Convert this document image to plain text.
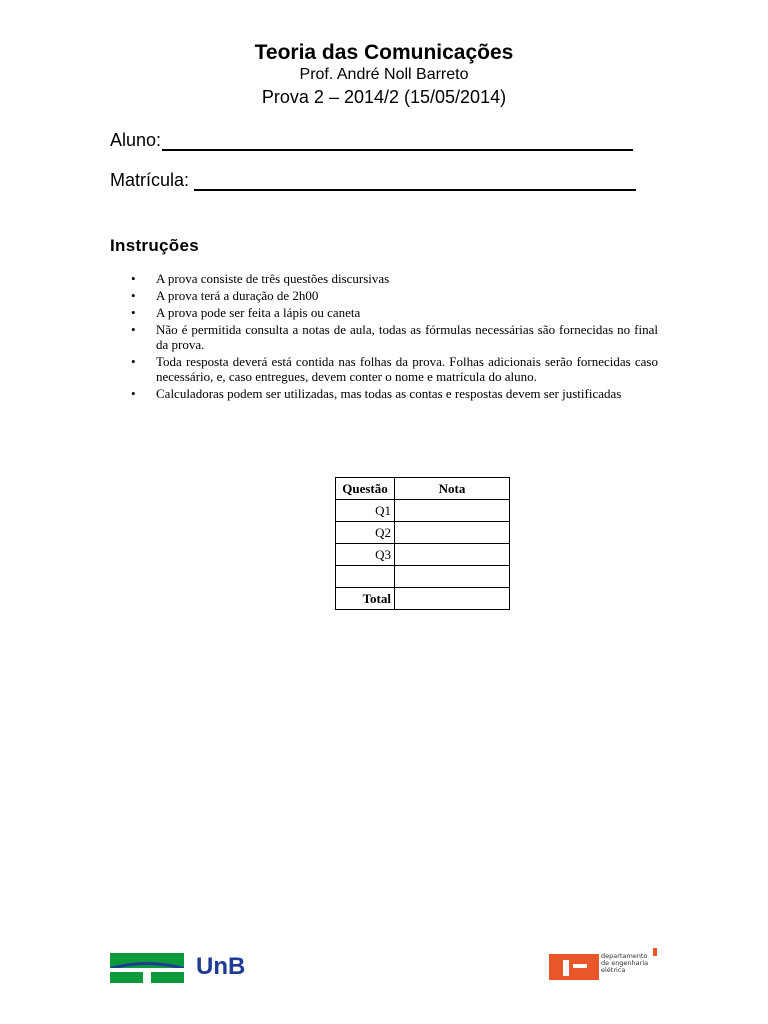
Teoria das Comunicações
Prof. André Noll Barreto
Prova 2 – 2014/2 (15/05/2014)
Aluno:
Matrícula:
Instruções
• A prova consiste de três questões discursivas
• A prova terá a duração de 2h00
• A prova pode ser feita a lápis ou caneta
• Não é permitida consulta a notas de aula, todas as fórmulas necessárias são fornecidas no final da prova.
• Toda resposta deverá está contida nas folhas da prova. Folhas adicionais serão fornecidas caso necessário, e, caso entregues, devem conter o nome e matrícula do aluno.
• Calculadoras podem ser utilizadas, mas todas as contas e respostas devem ser justificadas
Questão	Nota
Q1	
Q2	
Q3	

Total	
UnB	departamento
de engenharia
elétrica
